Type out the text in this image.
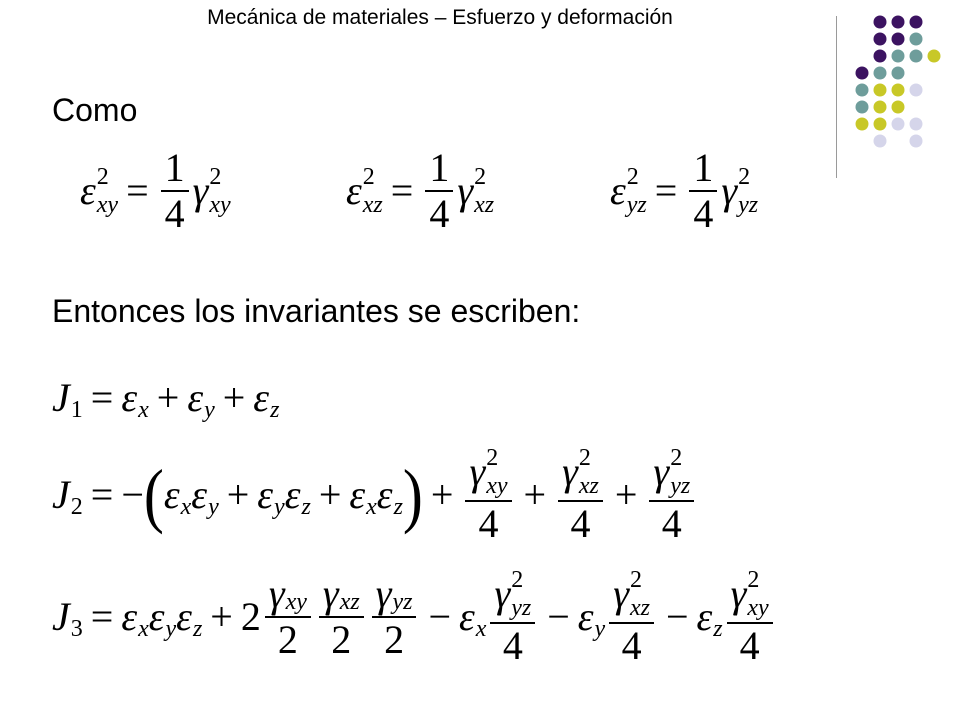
Mecánica de materiales – Esfuerzo y deformación
Como
ε 2
xy = $\frac{1}{4}$ γ 2
xy	ε 2
xz = $\frac{1}{4}$ γ 2
xz	ε 2
yz = $\frac{1}{4}$ γ 2
yz
Entonces los invariantes se escriben:
J 1 = ε x + ε y + ε z
J 2 = − ( ε x ε y + ε y ε z + ε x ε z ) + γ 2
xy
4 + γ 2
xz
4 + γ 2
yz
4
J 3 = ε x ε y ε $z + 2 \frac{\text{γ xy}}{2} \frac{\text{γ xz}}{2} \frac{\text{γ yz}}{2} - \varepsilon$ x γ 2
yz
4 − ε y γ 2
xz
4 − ε z γ 2
xy
4
